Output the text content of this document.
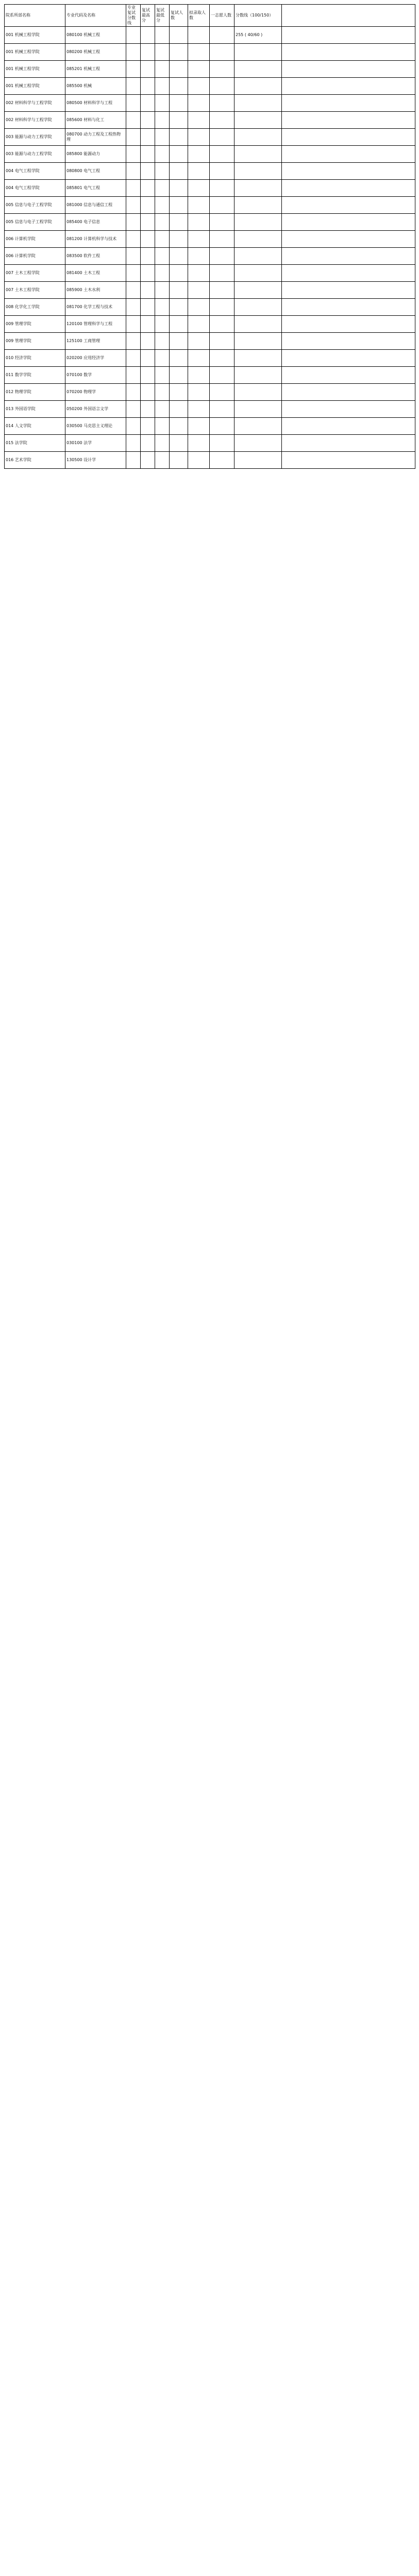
院系所部名称	专业代码及名称	专业复试分数线	复试最高分	复试最低分	复试人数	拟录取人数	一志愿人数	分数线（100/150）	
001 机械工程学院	080100 机械工程							255 ( 40/60 )	
001 机械工程学院	080200 机械工程								
001 机械工程学院	085201 机械工程								
001 机械工程学院	085500 机械								
002 材料科学与工程学院	080500 材料科学与工程								
002 材料科学与工程学院	085600 材料与化工								
003 能源与动力工程学院	080700 动力工程及工程热物理								
003 能源与动力工程学院	085800 能源动力								
004 电气工程学院	080800 电气工程								
004 电气工程学院	085801 电气工程								
005 信息与电子工程学院	081000 信息与通信工程								
005 信息与电子工程学院	085400 电子信息								
006 计算机学院	081200 计算机科学与技术								
006 计算机学院	083500 软件工程								
007 土木工程学院	081400 土木工程								
007 土木工程学院	085900 土木水利								
008 化学化工学院	081700 化学工程与技术								
009 管理学院	120100 管理科学与工程								
009 管理学院	125100 工商管理								
010 经济学院	020200 应用经济学								
011 数学学院	070100 数学								
012 物理学院	070200 物理学								
013 外国语学院	050200 外国语言文学								
014 人文学院	030500 马克思主义理论								
015 法学院	030100 法学								
016 艺术学院	130500 设计学								
